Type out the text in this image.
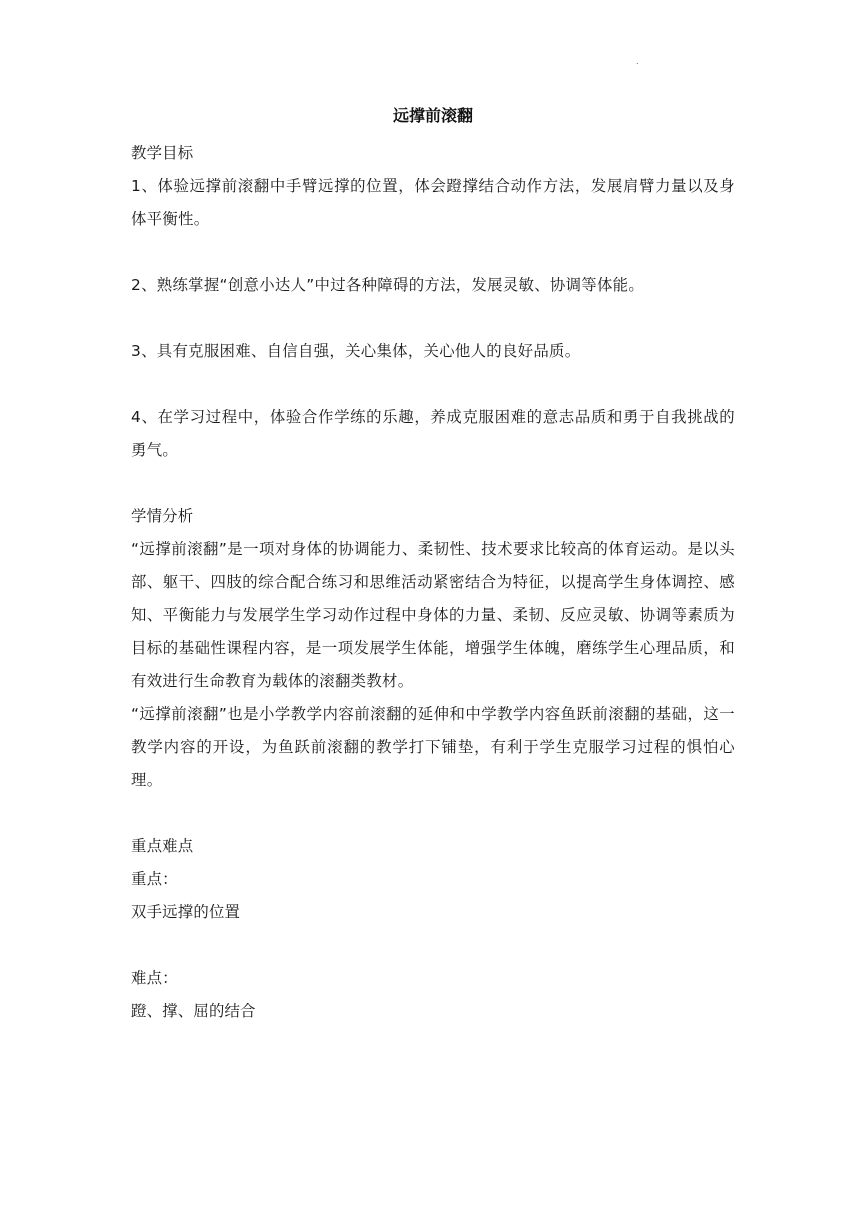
.
远撑前滚翻
教学目标
1、体验远撑前滚翻中手臂远撑的位置，体会蹬撑结合动作方法，发展肩臂力量以及身体平衡性。
2、熟练掌握“创意小达人”中过各种障碍的方法，发展灵敏、协调等体能。
3、具有克服困难、自信自强，关心集体，关心他人的良好品质。
4、在学习过程中，体验合作学练的乐趣，养成克服困难的意志品质和勇于自我挑战的勇气。
学情分析
“远撑前滚翻”是一项对身体的协调能力、柔韧性、技术要求比较高的体育运动。是以头部、躯干、四肢的综合配合练习和思维活动紧密结合为特征，以提高学生身体调控、感知、平衡能力与发展学生学习动作过程中身体的力量、柔韧、反应灵敏、协调等素质为目标的基础性课程内容，是一项发展学生体能，增强学生体魄，磨练学生心理品质，和有效进行生命教育为载体的滚翻类教材。
“远撑前滚翻”也是小学教学内容前滚翻的延伸和中学教学内容鱼跃前滚翻的基础，这一教学内容的开设，为鱼跃前滚翻的教学打下铺垫，有利于学生克服学习过程的惧怕心理。
重点难点
重点：
双手远撑的位置
难点：
蹬、撑、屈的结合
